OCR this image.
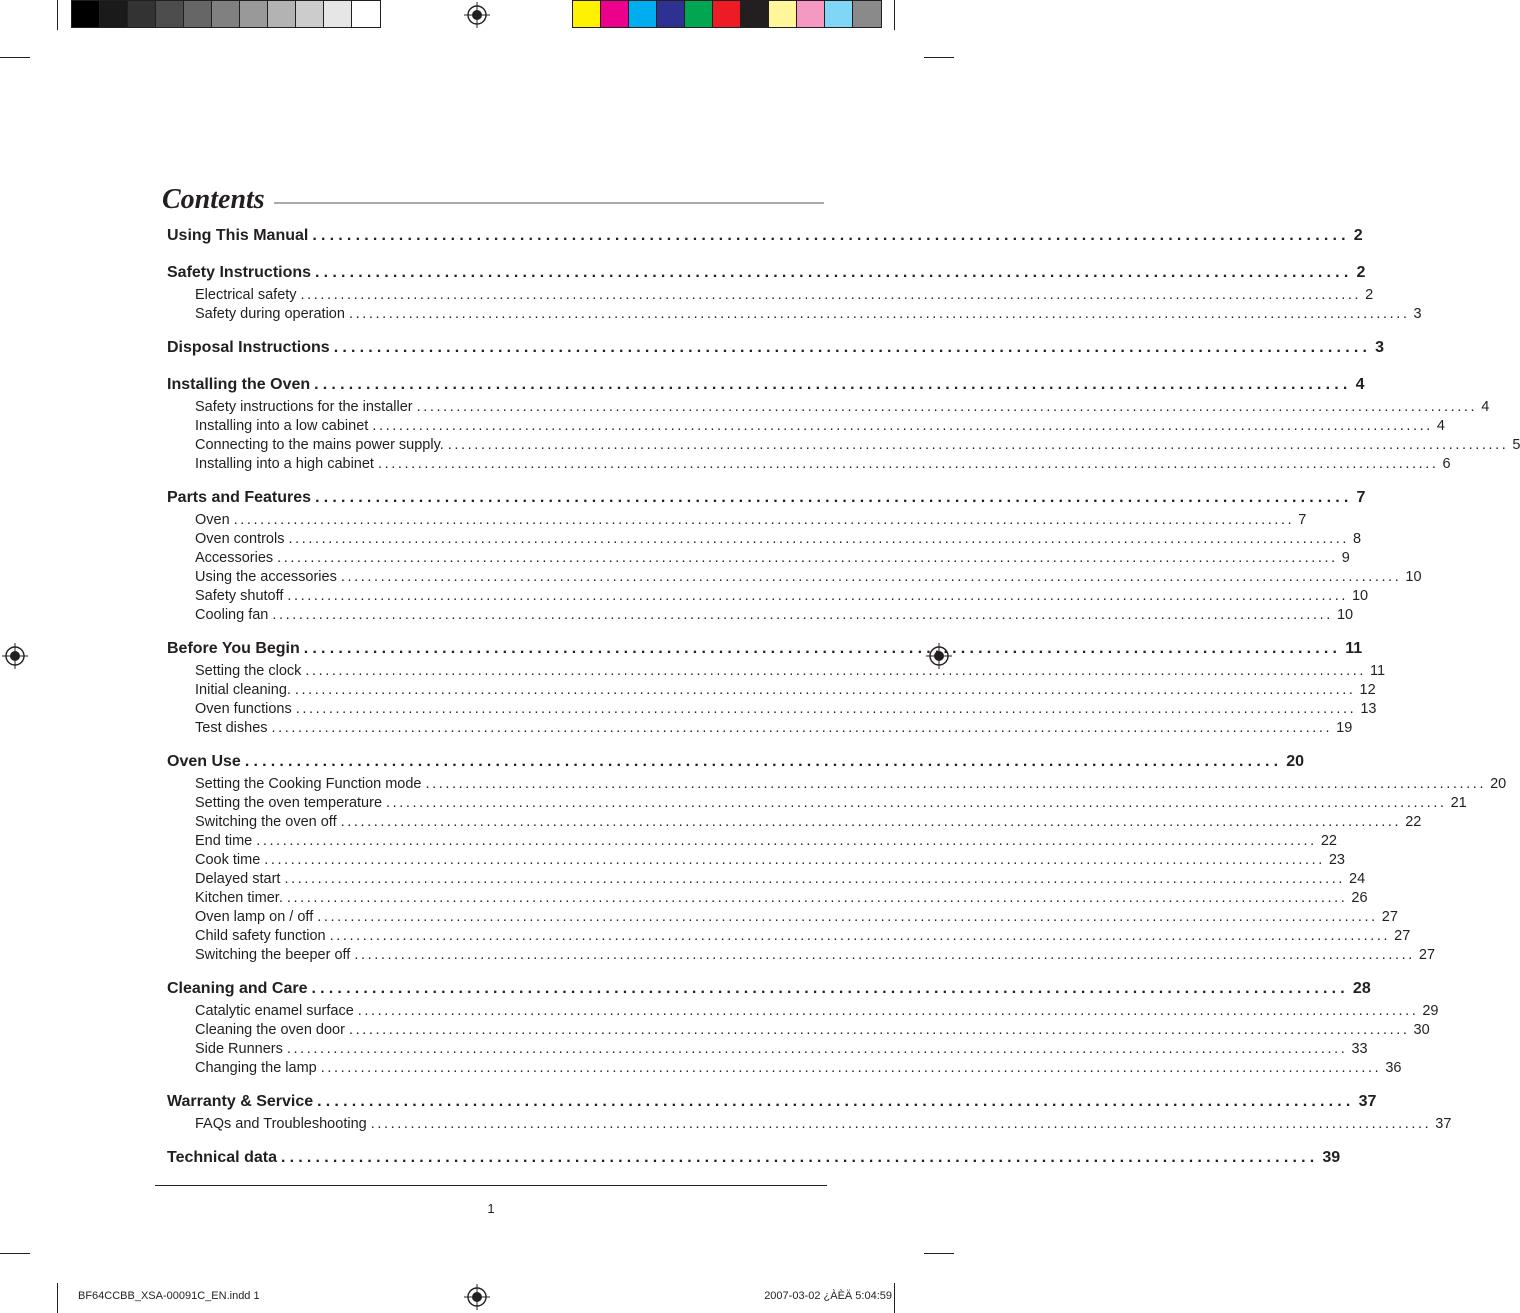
Contents
Using This Manual ........................................................................................................................ 2
Safety Instructions ........................................................................................................................ 2
Electrical safety ................................................................................................................................................................ 2
Safety during operation ................................................................................................................................................................ 3
Disposal Instructions ........................................................................................................................ 3
Installing the Oven ........................................................................................................................ 4
Safety instructions for the installer ................................................................................................................................................................ 4
Installing into a low cabinet ................................................................................................................................................................ 4
Connecting to the mains power supply. ................................................................................................................................................................ 5
Installing into a high cabinet ................................................................................................................................................................ 6
Parts and Features ........................................................................................................................ 7
Oven ................................................................................................................................................................ 7
Oven controls ................................................................................................................................................................ 8
Accessories ................................................................................................................................................................ 9
Using the accessories ................................................................................................................................................................ 10
Safety shutoff ................................................................................................................................................................ 10
Cooling fan ................................................................................................................................................................ 10
Before You Begin ........................................................................................................................ 11
Setting the clock ................................................................................................................................................................ 11
Initial cleaning. ................................................................................................................................................................ 12
Oven functions ................................................................................................................................................................ 13
Test dishes ................................................................................................................................................................ 19
Oven Use ........................................................................................................................ 20
Setting the Cooking Function mode ................................................................................................................................................................ 20
Setting the oven temperature ................................................................................................................................................................ 21
Switching the oven off ................................................................................................................................................................ 22
End time ................................................................................................................................................................ 22
Cook time ................................................................................................................................................................ 23
Delayed start ................................................................................................................................................................ 24
Kitchen timer. ................................................................................................................................................................ 26
Oven lamp on / off ................................................................................................................................................................ 27
Child safety function ................................................................................................................................................................ 27
Switching the beeper off ................................................................................................................................................................ 27
Cleaning and Care ........................................................................................................................ 28
Catalytic enamel surface ................................................................................................................................................................ 29
Cleaning the oven door ................................................................................................................................................................ 30
Side Runners ................................................................................................................................................................ 33
Changing the lamp ................................................................................................................................................................ 36
Warranty & Service ........................................................................................................................ 37
FAQs and Troubleshooting ................................................................................................................................................................ 37
Technical data ........................................................................................................................ 39
1
BF64CCBB_XSA-00091C_EN.indd 1	2007-03-02 ¿ÀÈÄ 5:04:59
